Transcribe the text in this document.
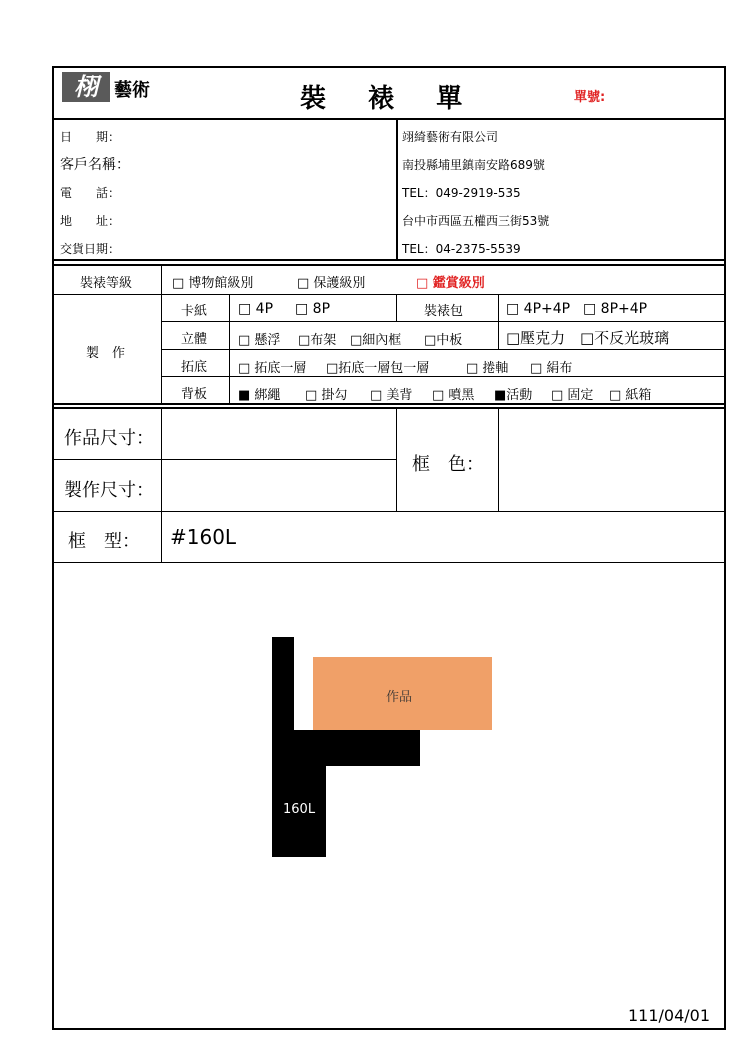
栩 藝術	裝  裱  單	單號:
日　　期：
客戶名稱：
電　　話：
地　　址：
交貨日期：
翊綺藝術有限公司
南投縣埔里鎮南安路689號
TEL：049-2919-535
台中市西區五權西三街53號
TEL：04-2375-5539
裝裱等級	□ 博物館級別	□ 保護級別	□ 鑑賞級別
製　作
卡紙 □ 4P □ 8P	裝裱包	□ 4P+4P □ 8P+4P
立體 □ 懸浮 □布架 □細內框 □中板	□壓克力 □不反光玻璃
拓底 □ 拓底一層 □拓底一層包一層	□ 捲軸 □ 絹布
背板 ■ 綁繩 □ 掛勾 □ 美背 □ 噴黑 ■活動 □ 固定 □ 紙箱
作品尺寸：
製作尺寸：
框　色：
框　型： #160L
作品
160L
111/04/01
